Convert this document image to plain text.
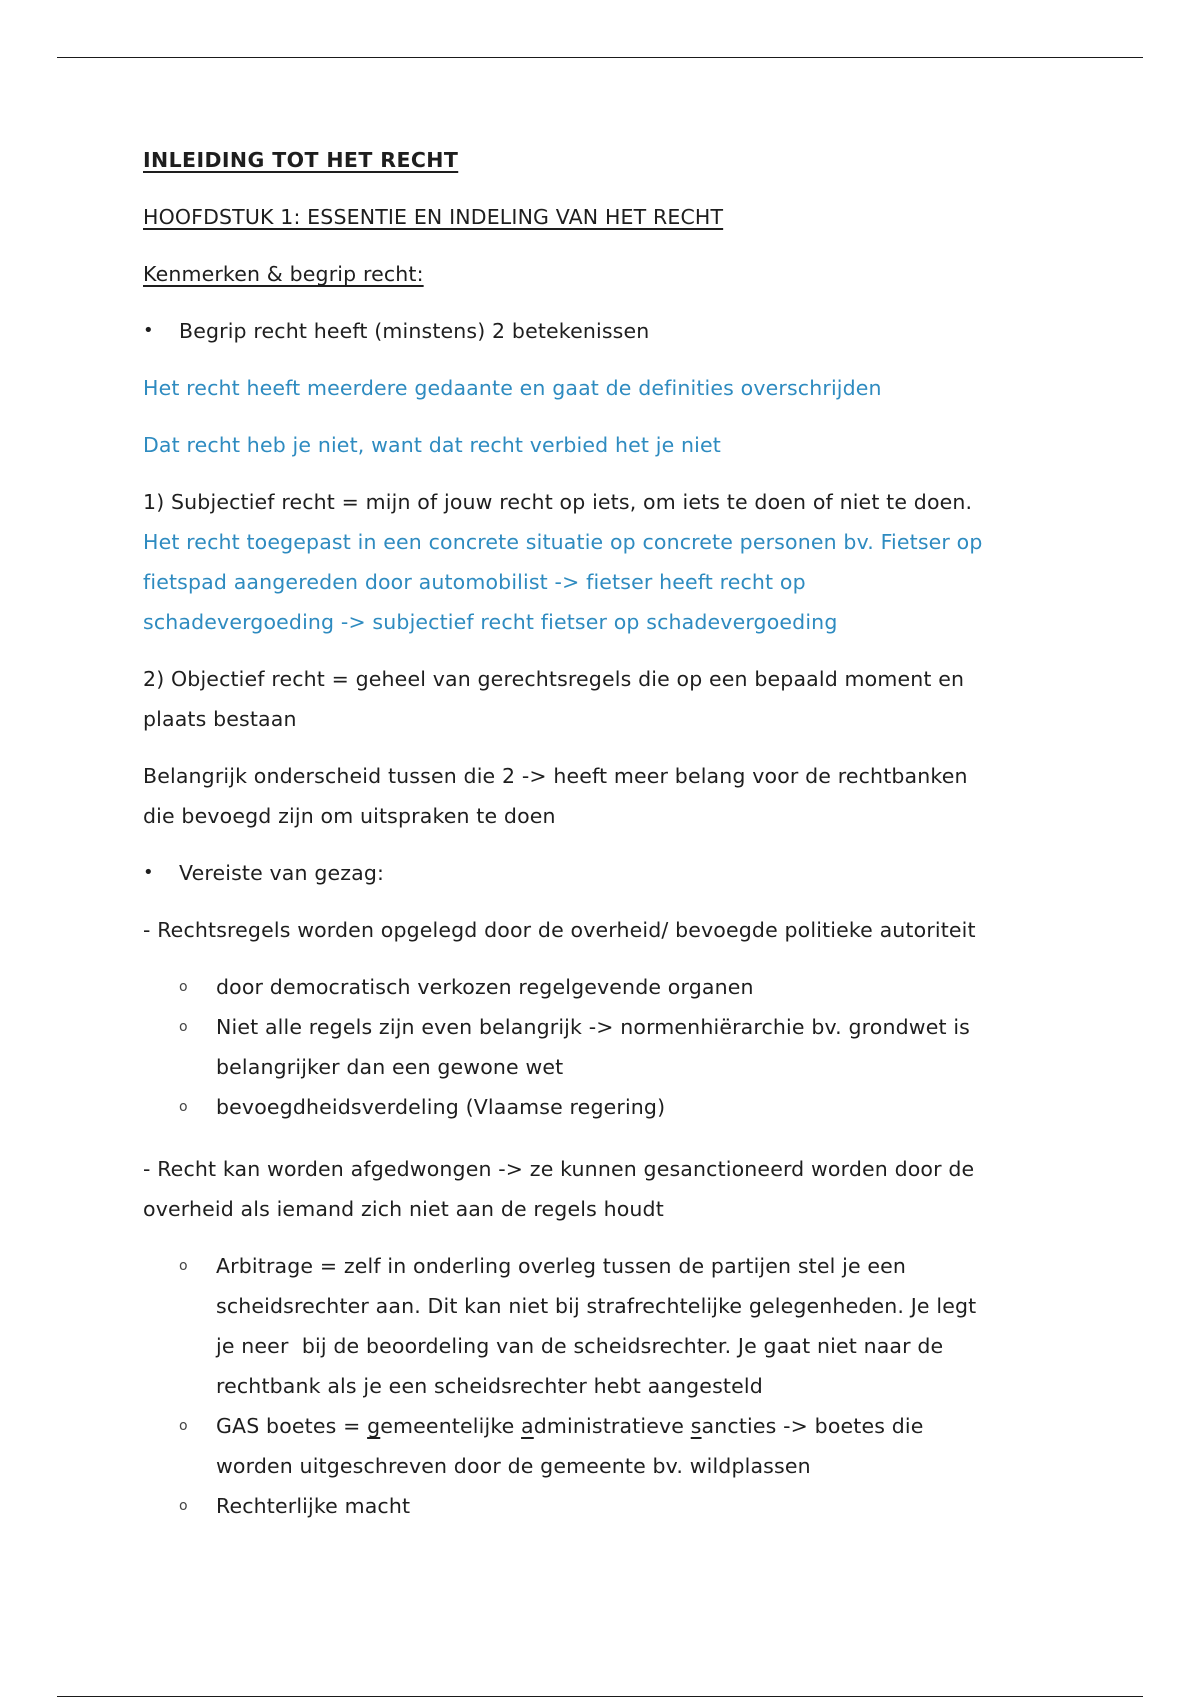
INLEIDING TOT HET RECHT

HOOFDSTUK 1: ESSENTIE EN INDELING VAN HET RECHT

Kenmerken & begrip recht:

• Begrip recht heeft (minstens) 2 betekenissen

Het recht heeft meerdere gedaante en gaat de definities overschrijden

Dat recht heb je niet, want dat recht verbied het je niet

1) Subjectief recht = mijn of jouw recht op iets, om iets te doen of niet te doen.

Het recht toegepast in een concrete situatie op concrete personen bv. Fietser op

fietspad aangereden door automobilist -> fietser heeft recht op

schadevergoeding -> subjectief recht fietser op schadevergoeding

2) Objectief recht = geheel van gerechtsregels die op een bepaald moment en

plaats bestaan

Belangrijk onderscheid tussen die 2 -> heeft meer belang voor de rechtbanken

die bevoegd zijn om uitspraken te doen

• Vereiste van gezag:

- Rechtsregels worden opgelegd door de overheid/ bevoegde politieke autoriteit

o door democratisch verkozen regelgevende organen
o Niet alle regels zijn even belangrijk -> normenhiërarchie bv. grondwet is
belangrijker dan een gewone wet
o bevoegdheidsverdeling (Vlaamse regering)

- Recht kan worden afgedwongen -> ze kunnen gesanctioneerd worden door de

overheid als iemand zich niet aan de regels houdt

o Arbitrage = zelf in onderling overleg tussen de partijen stel je een
scheidsrechter aan. Dit kan niet bij strafrechtelijke gelegenheden. Je legt
je neer  bij de beoordeling van de scheidsrechter. Je gaat niet naar de
rechtbank als je een scheidsrechter hebt aangesteld
o GAS boetes = gemeentelijke administratieve sancties -> boetes die
worden uitgeschreven door de gemeente bv. wildplassen
o Rechterlijke macht
